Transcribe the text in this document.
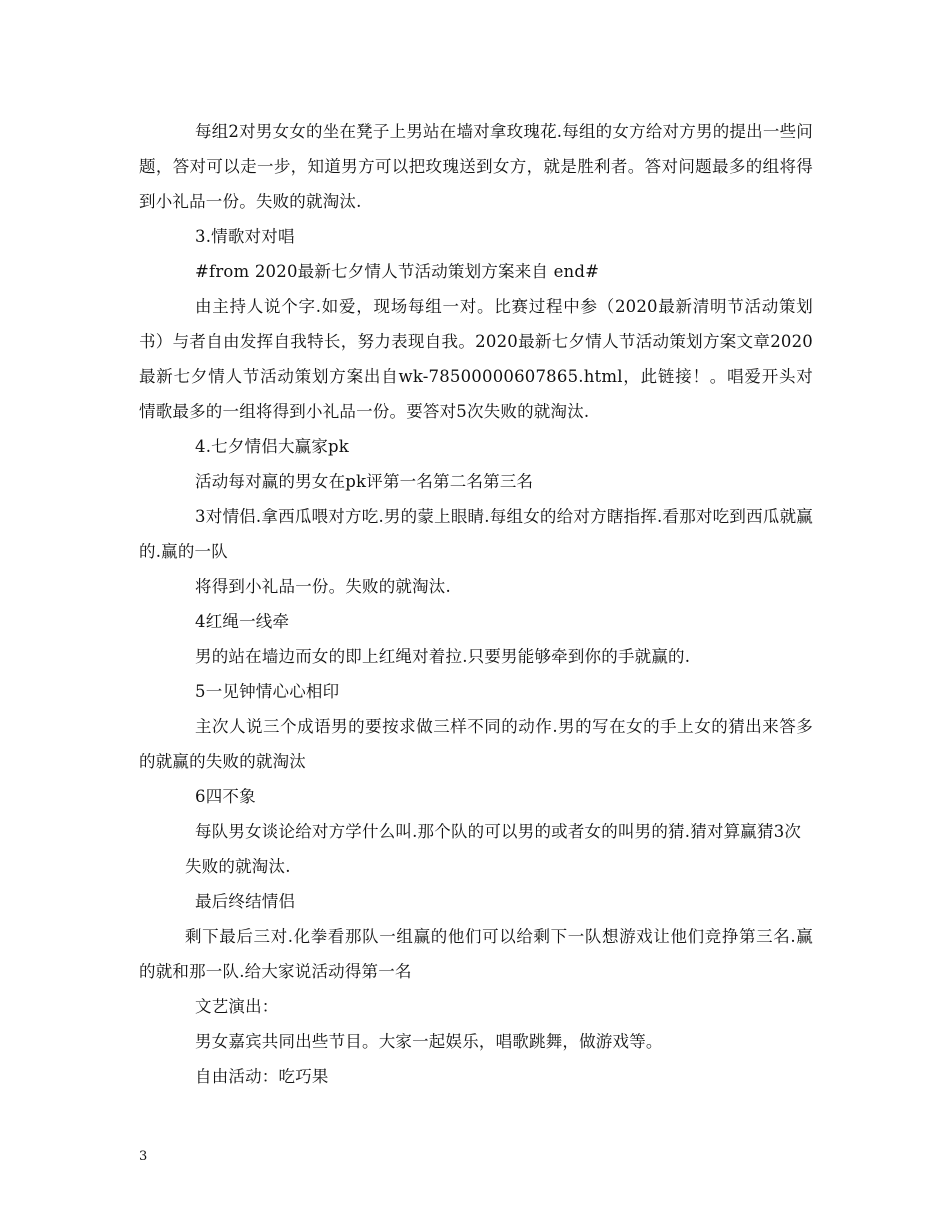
每组2对男女女的坐在凳子上男站在墙对拿玫瑰花.每组的女方给对方男的提出一些问题，答对可以走一步，知道男方可以把玫瑰送到女方，就是胜利者。答对问题最多的组将得到小礼品一份。失败的就淘汰.

3.情歌对对唱

#from 2020最新七夕情人节活动策划方案来自 end#

由主持人说个字.如爱，现场每组一对。比赛过程中参（2020最新清明节活动策划书）与者自由发挥自我特长，努力表现自我。2020最新七夕情人节活动策划方案文章2020最新七夕情人节活动策划方案出自wk-78500000607865.html，此链接！。唱爱开头对情歌最多的一组将得到小礼品一份。要答对5次失败的就淘汰.

4.七夕情侣大赢家pk

活动每对赢的男女在pk评第一名第二名第三名

3对情侣.拿西瓜喂对方吃.男的蒙上眼睛.每组女的给对方瞎指挥.看那对吃到西瓜就赢的.赢的一队

将得到小礼品一份。失败的就淘汰.

4红绳一线牵

男的站在墙边而女的即上红绳对着拉.只要男能够牵到你的手就赢的.

5一见钟情心心相印

主次人说三个成语男的要按求做三样不同的动作.男的写在女的手上女的猜出来答多的就赢的失败的就淘汰

6四不象

每队男女谈论给对方学什么叫.那个队的可以男的或者女的叫男的猜.猜对算赢猜3次

失败的就淘汰.

最后终结情侣

剩下最后三对.化拳看那队一组赢的他们可以给剩下一队想游戏让他们竞挣第三名.赢的就和那一队.给大家说活动得第一名

文艺演出：

男女嘉宾共同出些节目。大家一起娱乐，唱歌跳舞，做游戏等。

自由活动：吃巧果

3
